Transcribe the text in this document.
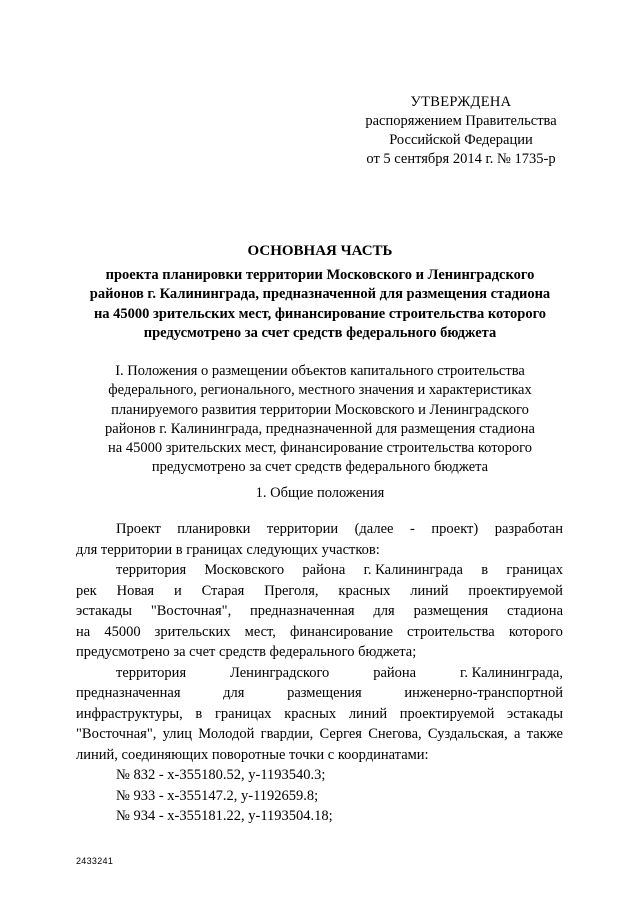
УТВЕРЖДЕНА
распоряжением Правительства
Российской Федерации
от 5 сентября 2014 г. № 1735-р
ОСНОВНАЯ ЧАСТЬ
проекта планировки территории Московского и Ленинградского
районов г. Калининграда, предназначенной для размещения стадиона
на 45000 зрительских мест, финансирование строительства которого
предусмотрено за счет средств федерального бюджета
I. Положения о размещении объектов капитального строительства
федерального, регионального, местного значения и характеристиках
планируемого развития территории Московского и Ленинградского
районов г. Калининграда, предназначенной для размещения стадиона
на 45000 зрительских мест, финансирование строительства которого
предусмотрено за счет средств федерального бюджета
1. Общие положения
Проект планировки территории (далее - проект) разработан
для территории в границах следующих участков:
территория Московского района г. Калининграда в границах
рек Новая и Старая Преголя, красных линий проектируемой
эстакады "Восточная", предназначенная для размещения стадиона
на 45000 зрительских мест, финансирование строительства которого
предусмотрено за счет средств федерального бюджета;
территория	Ленинградского	района	г. Калининграда,
предназначенная	для	размещения	инженерно-транспортной
инфраструктуры, в границах красных линий проектируемой эстакады
"Восточная", улиц Молодой гвардии, Сергея Снегова, Суздальская, а также
линий, соединяющих поворотные точки с координатами:
№ 832 - x-355180.52, y-1193540.3;
№ 933 - x-355147.2, y-1192659.8;
№ 934 - x-355181.22, y-1193504.18;
2433241
